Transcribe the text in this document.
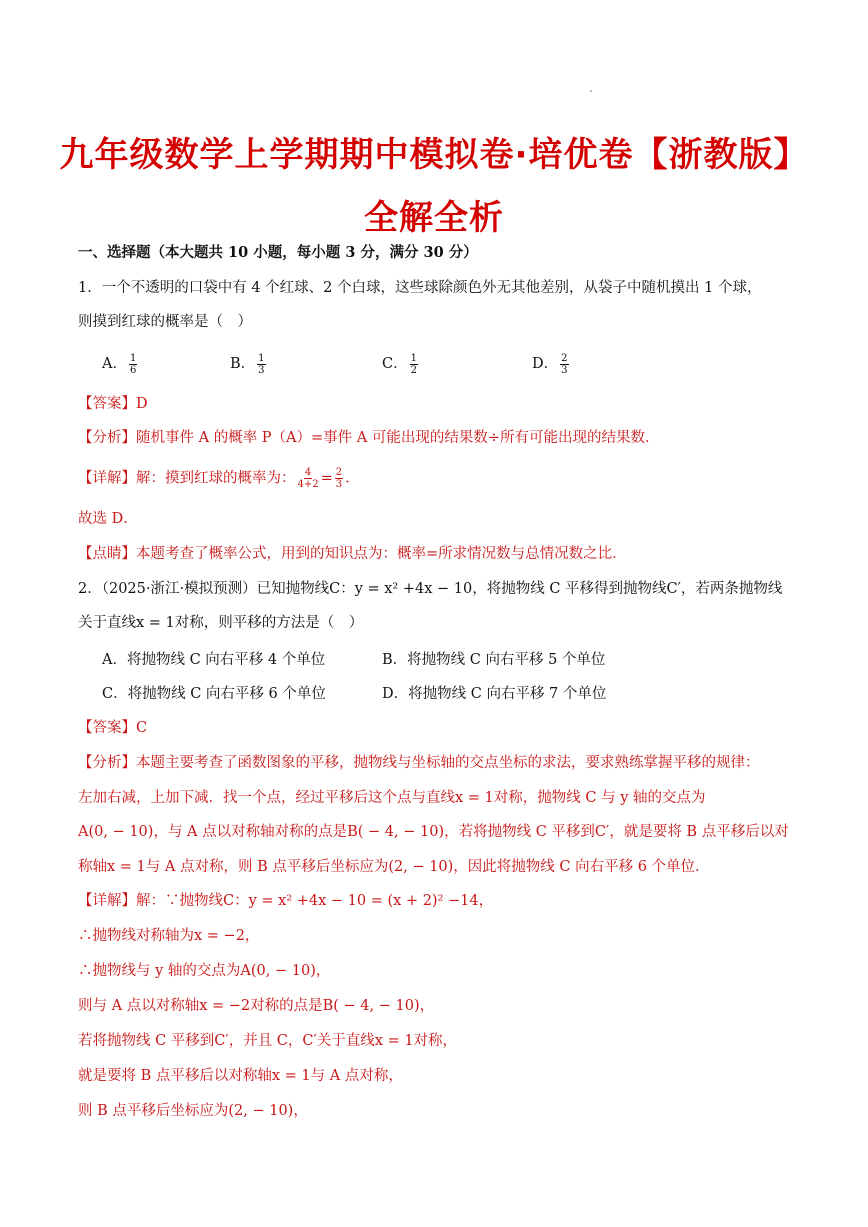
九年级数学上学期期中模拟卷·培优卷【浙教版】
全解全析
一、选择题（本大题共 10 小题，每小题 3 分，满分 30 分）
1．一个不透明的口袋中有 4 个红球、2 个白球，这些球除颜色外无其他差别，从袋子中随机摸出 1 个球，
则摸到红球的概率是（　）
A． $\frac{1}{6}$	B． $\frac{1}{3}$	C． $\frac{1}{2}$	D． $\frac{2}{3}$
【答案】D
【分析】随机事件 A 的概率 P（A）=事件 A 可能出现的结果数÷所有可能出现的结果数．
【详解】解：摸到红球的概率为： $\frac{4}{4+2} = \frac{2}{3}$ ．
故选 D．
【点睛】本题考查了概率公式，用到的知识点为：概率=所求情况数与总情况数之比．
2．（2025·浙江·模拟预测）已知抛物线C：y = x² +4x − 10，将抛物线 C 平移得到抛物线C′，若两条抛物线
关于直线x = 1对称，则平移的方法是（　）
A．将抛物线 C 向右平移 4 个单位	B．将抛物线 C 向右平移 5 个单位
C．将抛物线 C 向右平移 6 个单位	D．将抛物线 C 向右平移 7 个单位
【答案】C
【分析】本题主要考查了函数图象的平移，抛物线与坐标轴的交点坐标的求法，要求熟练掌握平移的规律：
左加右减，上加下减．找一个点，经过平移后这个点与直线x = 1对称，抛物线 C 与 y 轴的交点为
A(0, − 10)，与 A 点以对称轴对称的点是B( − 4, − 10)，若将抛物线 C 平移到C′，就是要将 B 点平移后以对
称轴x = 1与 A 点对称，则 B 点平移后坐标应为(2, − 10)，因此将抛物线 C 向右平移 6 个单位．
【详解】解：∵抛物线C：y = x² +4x − 10 = (x + 2)² −14，
∴抛物线对称轴为x = −2，
∴抛物线与 y 轴的交点为A(0, − 10)，
则与 A 点以对称轴x = −2对称的点是B( − 4, − 10)，
若将抛物线 C 平移到C′，并且 C，C′关于直线x = 1对称，
就是要将 B 点平移后以对称轴x = 1与 A 点对称，
则 B 点平移后坐标应为(2, − 10)，
